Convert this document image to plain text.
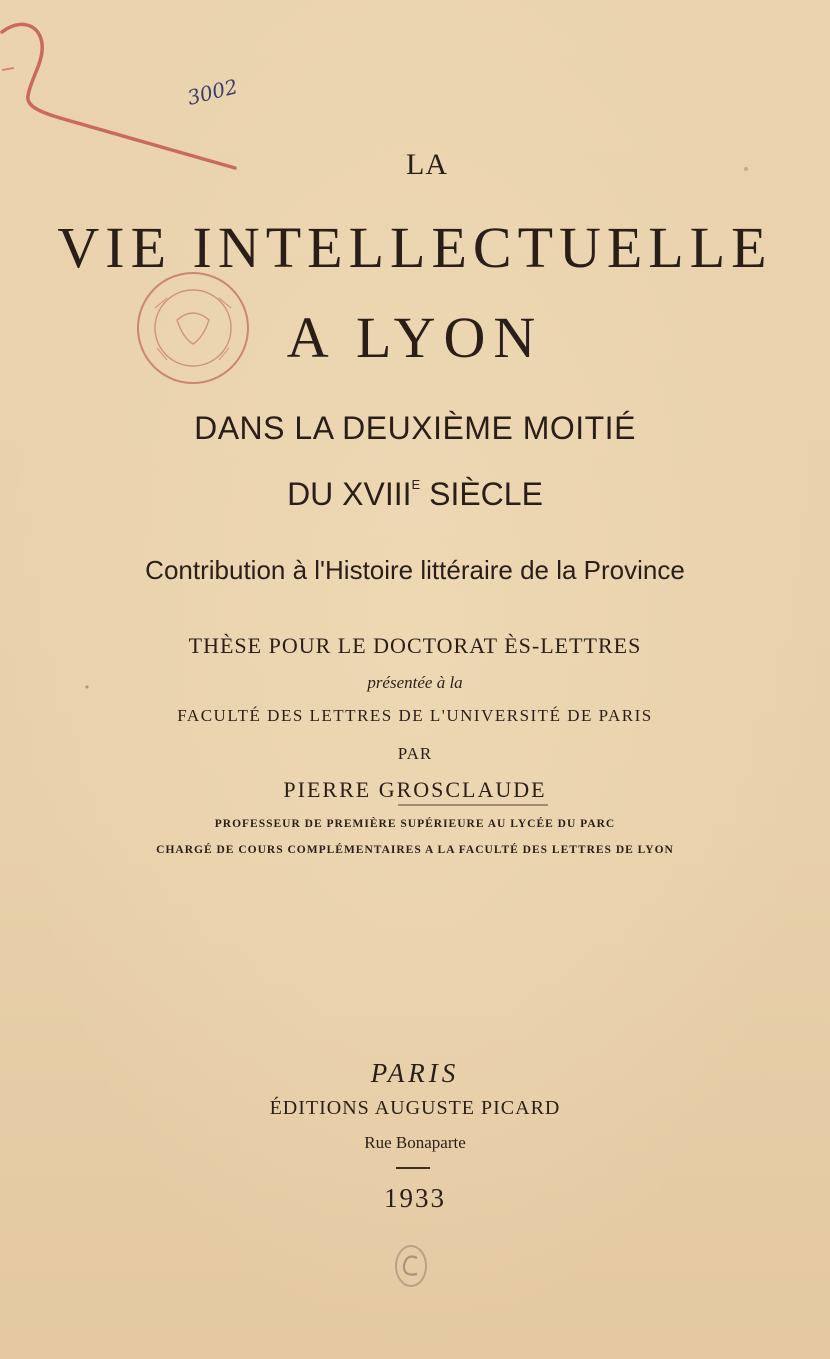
3002
LA
VIE INTELLECTUELLE
A LYON
DANS LA DEUXIÈME MOITIÉ
DU $XVIII^E$ SIÈCLE
Contribution à l'Histoire littéraire de la Province
THÈSE POUR LE DOCTORAT ÈS-LETTRES
présentée à la
FACULTÉ DES LETTRES DE L'UNIVERSITÉ DE PARIS
PAR
PIERRE GROSCLAUDE
PROFESSEUR DE PREMIÈRE SUPÉRIEURE AU LYCÉE DU PARC
CHARGÉ DE COURS COMPLÉMENTAIRES A LA FACULTÉ DES LETTRES DE LYON
PARIS
ÉDITIONS AUGUSTE PICARD
Rue Bonaparte
1933
